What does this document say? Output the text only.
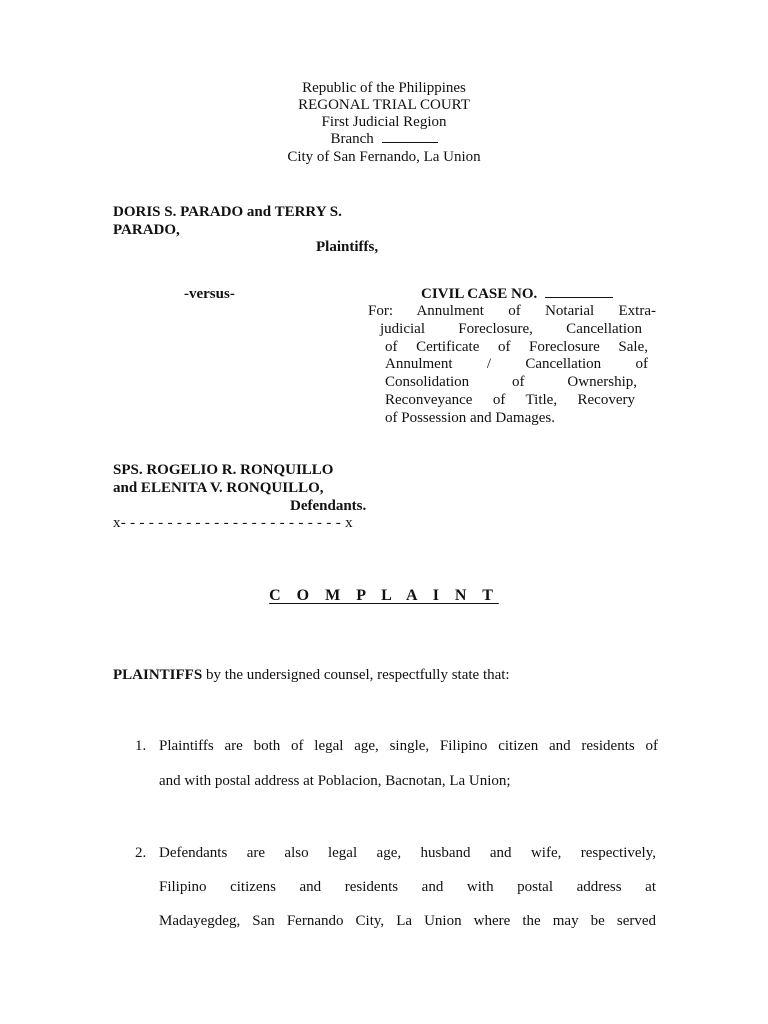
Republic of the Philippines
REGONAL TRIAL COURT
First Judicial Region
Branch
City of San Fernando, La Union
DORIS S. PARADO and TERRY S.
PARADO,
Plaintiffs,
-versus-	CIVIL CASE NO.
For: Annulment of Notarial Extra-
judicial Foreclosure, Cancellation
of Certificate of Foreclosure Sale,
Annulment / Cancellation of
Consolidation of Ownership,
Reconveyance of Title, Recovery
of Possession and Damages.
SPS. ROGELIO R. RONQUILLO
and ELENITA V. RONQUILLO,
Defendants.
x- - - - - - - - - - - - - - - - - - - - - - - - x
C O M P L A I N T
PLAINTIFFS by the undersigned counsel, respectfully state that:
1. Plaintiffs are both of legal age, single, Filipino citizen and residents of
and with postal address at Poblacion, Bacnotan, La Union;
2. Defendants are also legal age, husband and wife, respectively,
Filipino citizens and residents and with postal address at
Madayegdeg, San Fernando City, La Union where the may be served
